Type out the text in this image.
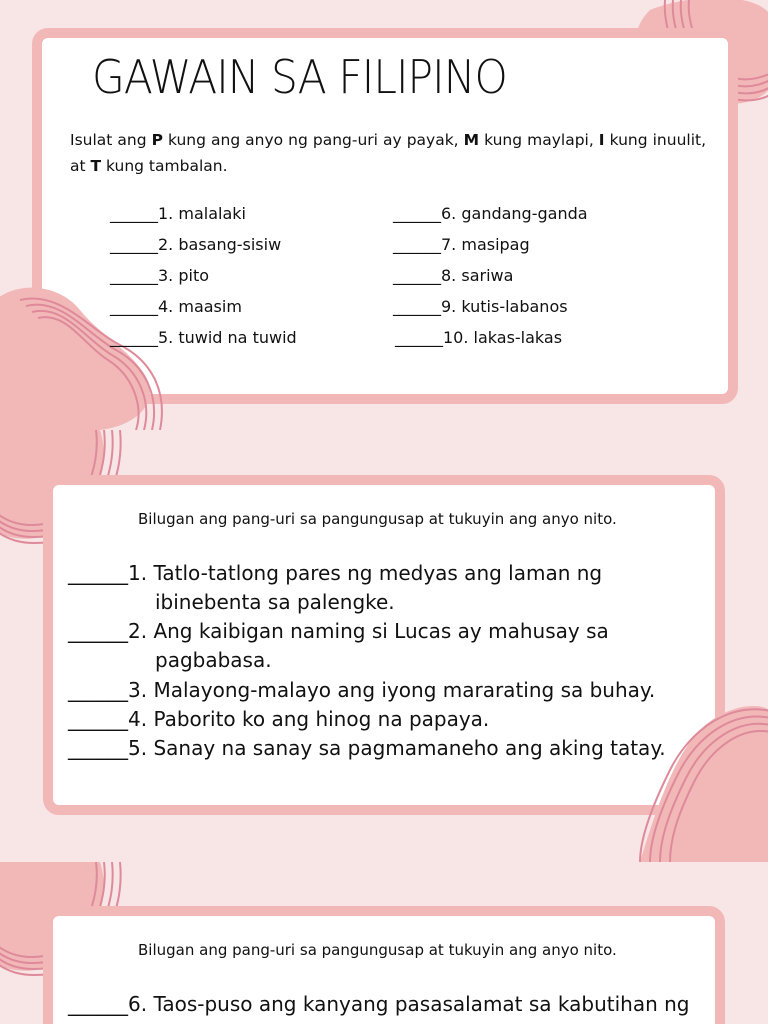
GAWAIN SA FILIPINO

Isulat ang P kung ang anyo ng pang-uri ay payak, M kung maylapi, I kung inuulit, at T kung tambalan.

______1. malalaki
______2. basang-sisiw
______3. pito
______4. maasim
______5. tuwid na tuwid
______6. gandang-ganda
______7. masipag
______8. sariwa
______9. kutis-labanos
______10. lakas-lakas
Bilugan ang pang-uri sa pangungusap at tukuyin ang anyo nito.
______1. Tatlo-tatlong pares ng medyas ang laman ng
ibinebenta sa palengke.
______2. Ang kaibigan naming si Lucas ay mahusay sa
pagbabasa.
______3. Malayong-malayo ang iyong mararating sa buhay.
______4. Paborito ko ang hinog na papaya.
______5. Sanay na sanay sa pagmamaneho ang aking tatay.
Bilugan ang pang-uri sa pangungusap at tukuyin ang anyo nito.
______6. Taos-puso ang kanyang pasasalamat sa kabutihan ng
